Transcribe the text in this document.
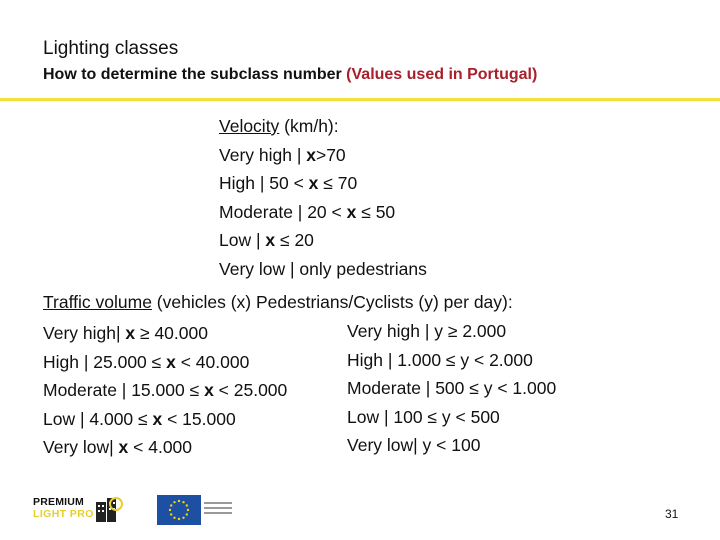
Lighting classes
How to determine the subclass number (Values used in Portugal)
Velocity (km/h):
Very high | x>70
High | 50 < x ≤ 70
Moderate | 20 < x ≤ 50
Low | x ≤ 20
Very low | only pedestrians
Traffic volume (vehicles (x) Pedestrians/Cyclists (y) per day):
Very high| x ≥ 40.000
High | 25.000 ≤ x < 40.000
Moderate | 15.000 ≤ x < 25.000
Low | 4.000 ≤ x < 15.000
Very low| x < 4.000
Very high | y ≥ 2.000
High | 1.000 ≤ y < 2.000
Moderate | 500 ≤ y < 1.000
Low | 100 ≤ y < 500
Very low| y < 100
PREMIUM
LIGHT PRO	31
